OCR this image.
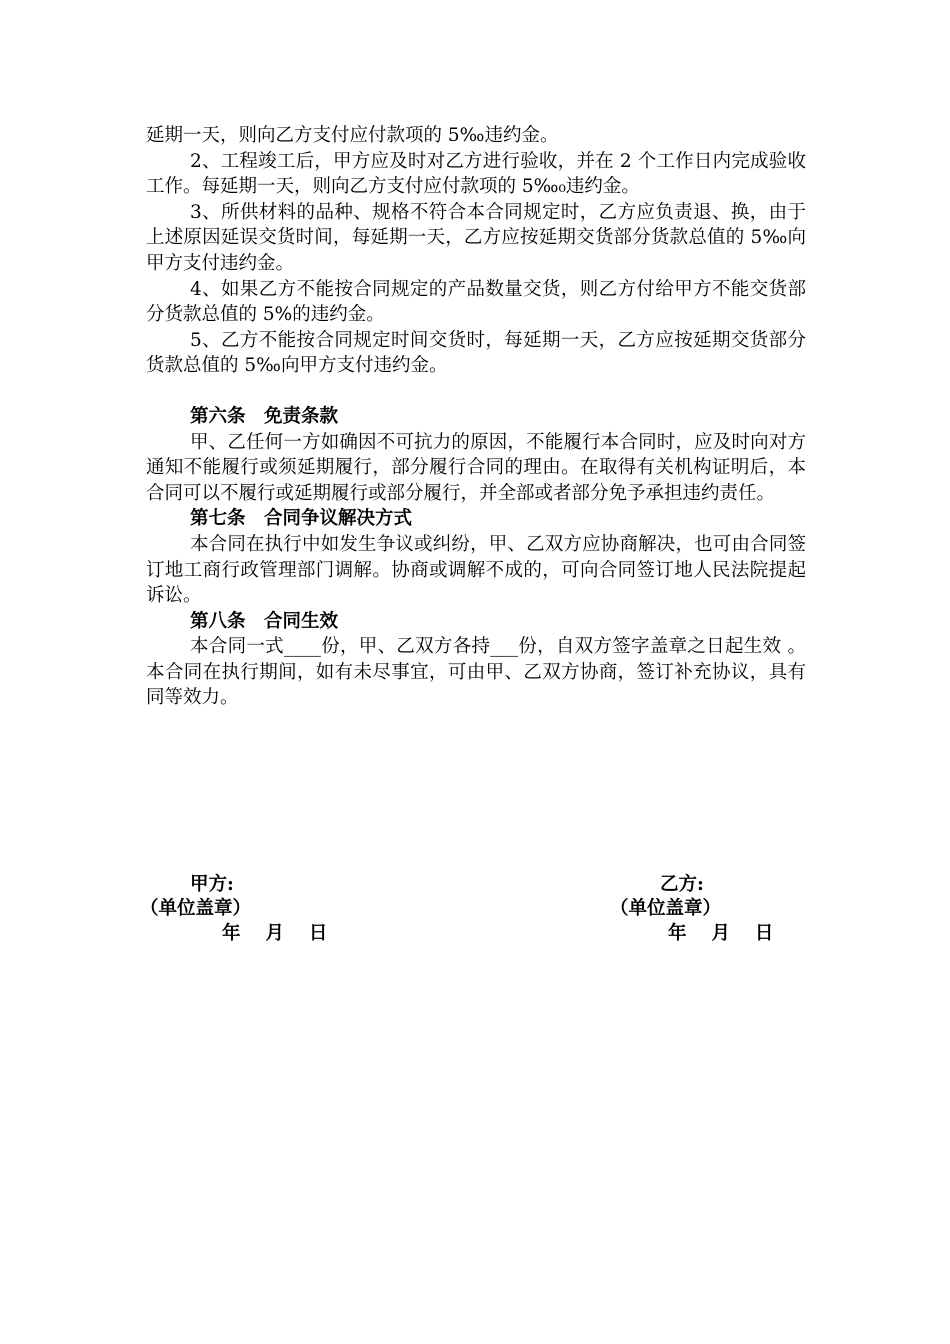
延期一天，则向乙方支付应付款项的 5‰违约金。

2、工程竣工后，甲方应及时对乙方进行验收，并在 2 个工作日内完成验收工作。每延期一天，则向乙方支付应付款项的 5‰₀违约金。

3、所供材料的品种、规格不符合本合同规定时，乙方应负责退、换，由于上述原因延误交货时间，每延期一天，乙方应按延期交货部分货款总值的 5‰向甲方支付违约金。

4、如果乙方不能按合同规定的产品数量交货，则乙方付给甲方不能交货部分货款总值的 5%的违约金。

5、乙方不能按合同规定时间交货时，每延期一天，乙方应按延期交货部分货款总值的 5‰向甲方支付违约金。

第六条　免责条款

甲、乙任何一方如确因不可抗力的原因，不能履行本合同时，应及时向对方通知不能履行或须延期履行，部分履行合同的理由。在取得有关机构证明后，本合同可以不履行或延期履行或部分履行，并全部或者部分免予承担违约责任。

第七条　合同争议解决方式

本合同在执行中如发生争议或纠纷，甲、乙双方应协商解决，也可由合同签订地工商行政管理部门调解。协商或调解不成的，可向合同签订地人民法院提起诉讼。

第八条　合同生效

本合同一式____份，甲、乙双方各持___份，自双方签字盖章之日起生效 。本合同在执行期间，如有未尽事宜，可由甲、乙双方协商，签订补充协议，具有同等效力。

甲方:
（单位盖章）
年　 月　 日
乙方:
（单位盖章）
年　 月　 日
